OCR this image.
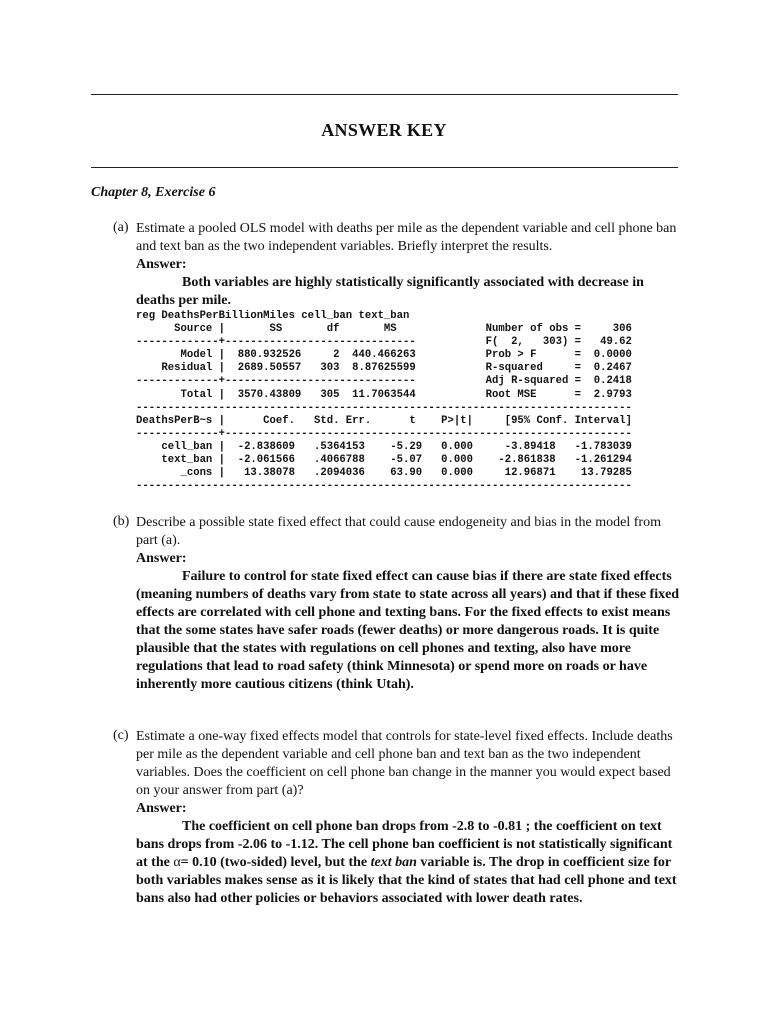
ANSWER KEY
Chapter 8, Exercise 6
(a) Estimate a pooled OLS model with deaths per mile as the dependent variable and cell phone ban and text ban as the two independent variables. Briefly interpret the results.
Answer:
Both variables are highly statistically significantly associated with decrease in deaths per mile.
reg DeathsPerBillionMiles cell_ban text_ban
Source |       SS       df       MS              Number of obs =     306
-------------+------------------------------           F(  2,   303) =   49.62
Model |  880.932526     2  440.466263           Prob > F      =  0.0000
Residual |  2689.50557   303  8.87625599           R-squared     =  0.2467
-------------+------------------------------           Adj R-squared =  0.2418
Total |  3570.43809   305  11.7063544           Root MSE      =  2.9793
------------------------------------------------------------------------------
DeathsPerB~s |      Coef.   Std. Err.      t    P>|t|     [95% Conf. Interval]
-------------+----------------------------------------------------------------
cell_ban |  -2.838609   .5364153    -5.29   0.000     -3.89418   -1.783039
text_ban |  -2.061566   .4066788    -5.07   0.000    -2.861838   -1.261294
_cons |   13.38078   .2094036    63.90   0.000     12.96871    13.79285
------------------------------------------------------------------------------
(b) Describe a possible state fixed effect that could cause endogeneity and bias in the model from part (a).
Answer:
Failure to control for state fixed effect can cause bias if there are state fixed effects (meaning numbers of deaths vary from state to state across all years) and that if these fixed effects are correlated with cell phone and texting bans. For the fixed effects to exist means that the some states have safer roads (fewer deaths) or more dangerous roads. It is quite plausible that the states with regulations on cell phones and texting, also have more regulations that lead to road safety (think Minnesota) or spend more on roads or have inherently more cautious citizens (think Utah).
(c) Estimate a one-way fixed effects model that controls for state-level fixed effects. Include deaths per mile as the dependent variable and cell phone ban and text ban as the two independent variables. Does the coefficient on cell phone ban change in the manner you would expect based on your answer from part (a)?
Answer:
The coefficient on cell phone ban drops from -2.8 to -0.81 ; the coefficient on text bans drops from -2.06 to -1.12. The cell phone ban coefficient is not statistically significant at the α= 0.10 (two-sided) level, but the text ban variable is. The drop in coefficient size for both variables makes sense as it is likely that the kind of states that had cell phone and text bans also had other policies or behaviors associated with lower death rates.
